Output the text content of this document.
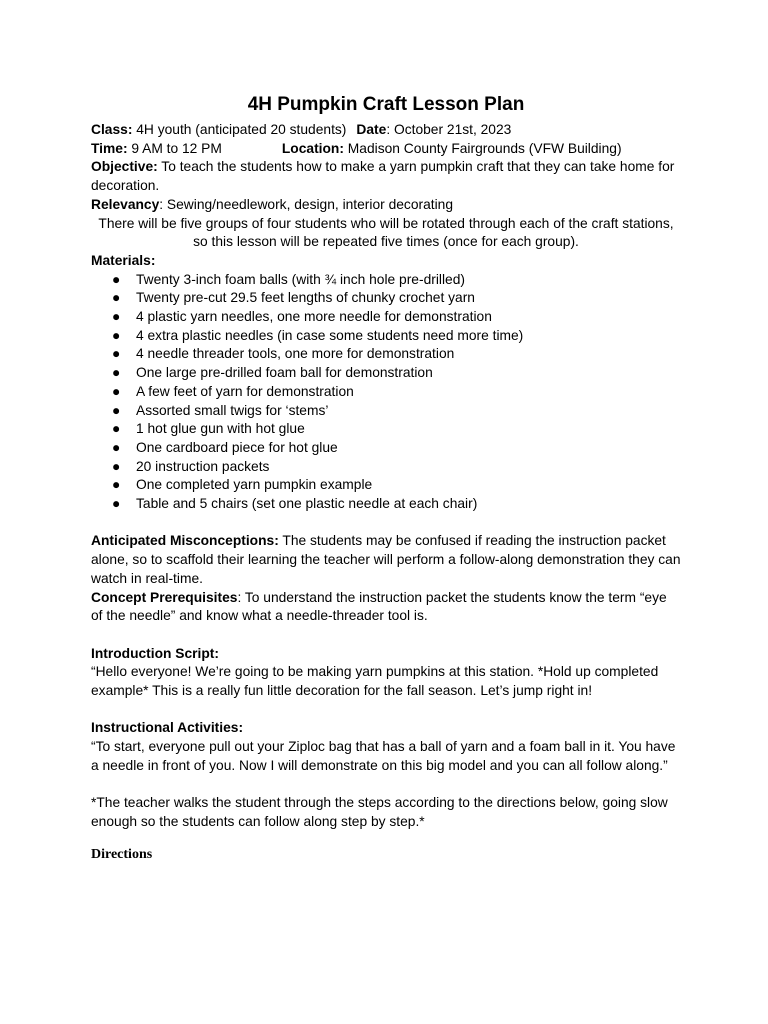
4H Pumpkin Craft Lesson Plan

Class: 4H youth (anticipated 20 students) Date: October 21st, 2023

Time: 9 AM to 12 PM	Location: Madison County Fairgrounds (VFW Building)

Objective: To teach the students how to make a yarn pumpkin craft that they can take home for decoration.

Relevancy: Sewing/needlework, design, interior decorating

There will be five groups of four students who will be rotated through each of the craft stations,

so this lesson will be repeated five times (once for each group).

Materials:

● Twenty 3-inch foam balls (with ¾ inch hole pre-drilled)
● Twenty pre-cut 29.5 feet lengths of chunky crochet yarn
● 4 plastic yarn needles, one more needle for demonstration
● 4 extra plastic needles (in case some students need more time)
● 4 needle threader tools, one more for demonstration
● One large pre-drilled foam ball for demonstration
● A few feet of yarn for demonstration
● Assorted small twigs for ‘stems’
● 1 hot glue gun with hot glue
● One cardboard piece for hot glue
● 20 instruction packets
● One completed yarn pumpkin example
● Table and 5 chairs (set one plastic needle at each chair)

Anticipated Misconceptions: The students may be confused if reading the instruction packet alone, so to scaffold their learning the teacher will perform a follow-along demonstration they can watch in real-time.

Concept Prerequisites: To understand the instruction packet the students know the term “eye of the needle” and know what a needle-threader tool is.

Introduction Script:

“Hello everyone! We’re going to be making yarn pumpkins at this station. *Hold up completed example* This is a really fun little decoration for the fall season. Let’s jump right in!

Instructional Activities:

“To start, everyone pull out your Ziploc bag that has a ball of yarn and a foam ball in it. You have a needle in front of you. Now I will demonstrate on this big model and you can all follow along.”

*The teacher walks the student through the steps according to the directions below, going slow enough so the students can follow along step by step.*

Directions
